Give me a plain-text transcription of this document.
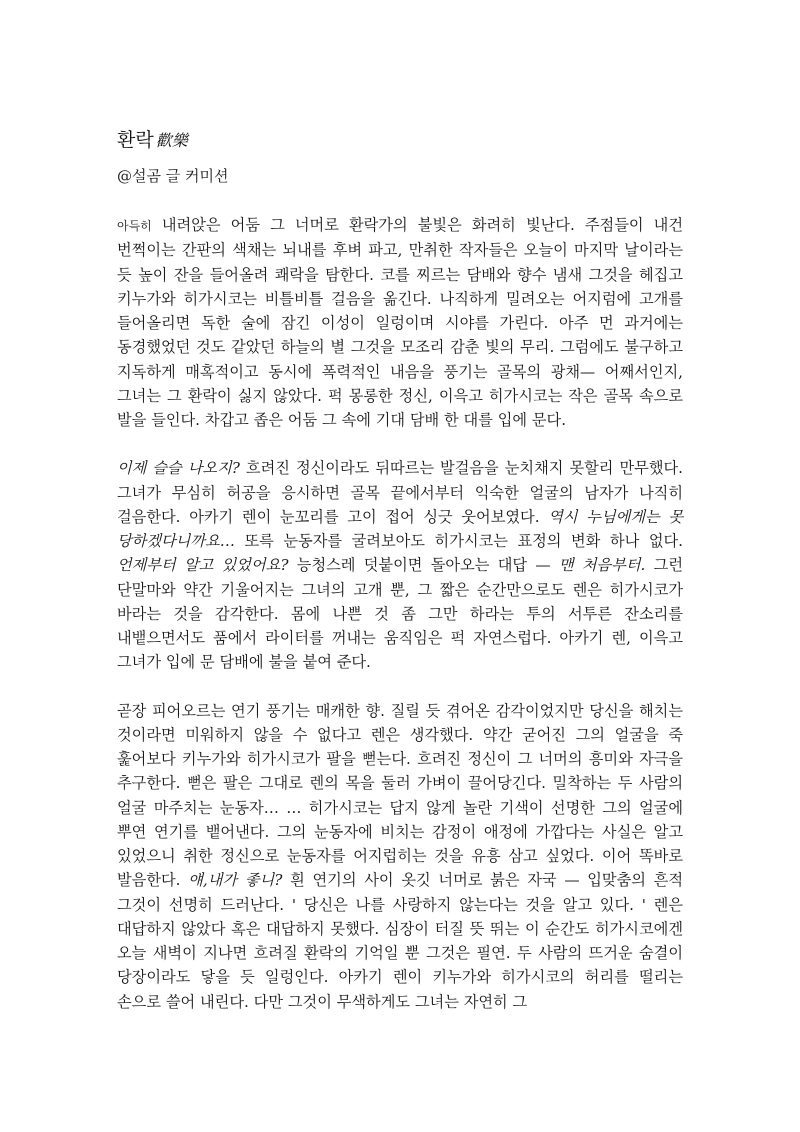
환락 歡樂
@설곰 글 커미션

아득히 내려앉은 어둠 그 너머로 환락가의 불빛은 화려히 빛난다. 주점들이 내건 번쩍이는 간판의 색채는 뇌내를 후벼 파고, 만취한 작자들은 오늘이 마지막 날이라는 듯 높이 잔을 들어올려 쾌락을 탐한다. 코를 찌르는 담배와 향수 냄새 그것을 헤집고 키누가와 히가시코는 비틀비틀 걸음을 옮긴다. 나직하게 밀려오는 어지럼에 고개를 들어올리면 독한 술에 잠긴 이성이 일렁이며 시야를 가린다. 아주 먼 과거에는 동경했었던 것도 같았던 하늘의 별 그것을 모조리 감춘 빛의 무리. 그럼에도 불구하고 지독하게 매혹적이고 동시에 폭력적인 내음을 풍기는 골목의 광채— 어째서인지, 그녀는 그 환락이 싫지 않았다. 퍽 몽롱한 정신, 이윽고 히가시코는 작은 골목 속으로 발을 들인다. 차갑고 좁은 어둠 그 속에 기대 담배 한 대를 입에 문다.

이제 슬슬 나오지? 흐려진 정신이라도 뒤따르는 발걸음을 눈치채지 못할리 만무했다. 그녀가 무심히 허공을 응시하면 골목 끝에서부터 익숙한 얼굴의 남자가 나직히 걸음한다. 아카기 렌이 눈꼬리를 고이 접어 싱긋 웃어보였다. 역시 누님에게는 못 당하겠다니까요… 또륵 눈동자를 굴려보아도 히가시코는 표정의 변화 하나 없다. 언제부터 알고 있었어요? 능청스레 덧붙이면 돌아오는 대답 — 맨 처음부터. 그런 단말마와 약간 기울어지는 그녀의 고개 뿐, 그 짧은 순간만으로도 렌은 히가시코가 바라는 것을 감각한다. 몸에 나쁜 것 좀 그만 하라는 투의 서투른 잔소리를 내뱉으면서도 품에서 라이터를 꺼내는 움직임은 퍽 자연스럽다. 아카기 렌, 이윽고 그녀가 입에 문 담배에 불을 붙여 준다.

곧장 피어오르는 연기 풍기는 매캐한 향. 질릴 듯 겪어온 감각이었지만 당신을 해치는 것이라면 미워하지 않을 수 없다고 렌은 생각했다. 약간 굳어진 그의 얼굴을 죽 훑어보다 키누가와 히가시코가 팔을 뻗는다. 흐려진 정신이 그 너머의 흥미와 자극을 추구한다. 뻗은 팔은 그대로 렌의 목을 둘러 가벼이 끌어당긴다. 밀착하는 두 사람의 얼굴 마주치는 눈동자… … 히가시코는 답지 않게 놀란 기색이 선명한 그의 얼굴에 뿌연 연기를 뱉어낸다. 그의 눈동자에 비치는 감정이 애정에 가깝다는 사실은 알고 있었으니 취한 정신으로 눈동자를 어지럽히는 것을 유흥 삼고 싶었다. 이어 똑바로 발음한다. 얘,내가 좋니? 흰 연기의 사이 옷깃 너머로 붉은 자국 — 입맞춤의 흔적 그것이 선명히 드러난다. ' 당신은 나를 사랑하지 않는다는 것을 알고 있다. ' 렌은 대답하지 않았다 혹은 대답하지 못했다. 심장이 터질 뜻 뛰는 이 순간도 히가시코에겐 오늘 새벽이 지나면 흐려질 환락의 기억일 뿐 그것은 필연. 두 사람의 뜨거운 숨결이 당장이라도 닿을 듯 일렁인다. 아카기 렌이 키누가와 히가시코의 허리를 떨리는 손으로 쓸어 내린다. 다만 그것이 무색하게도 그녀는 자연히 그
